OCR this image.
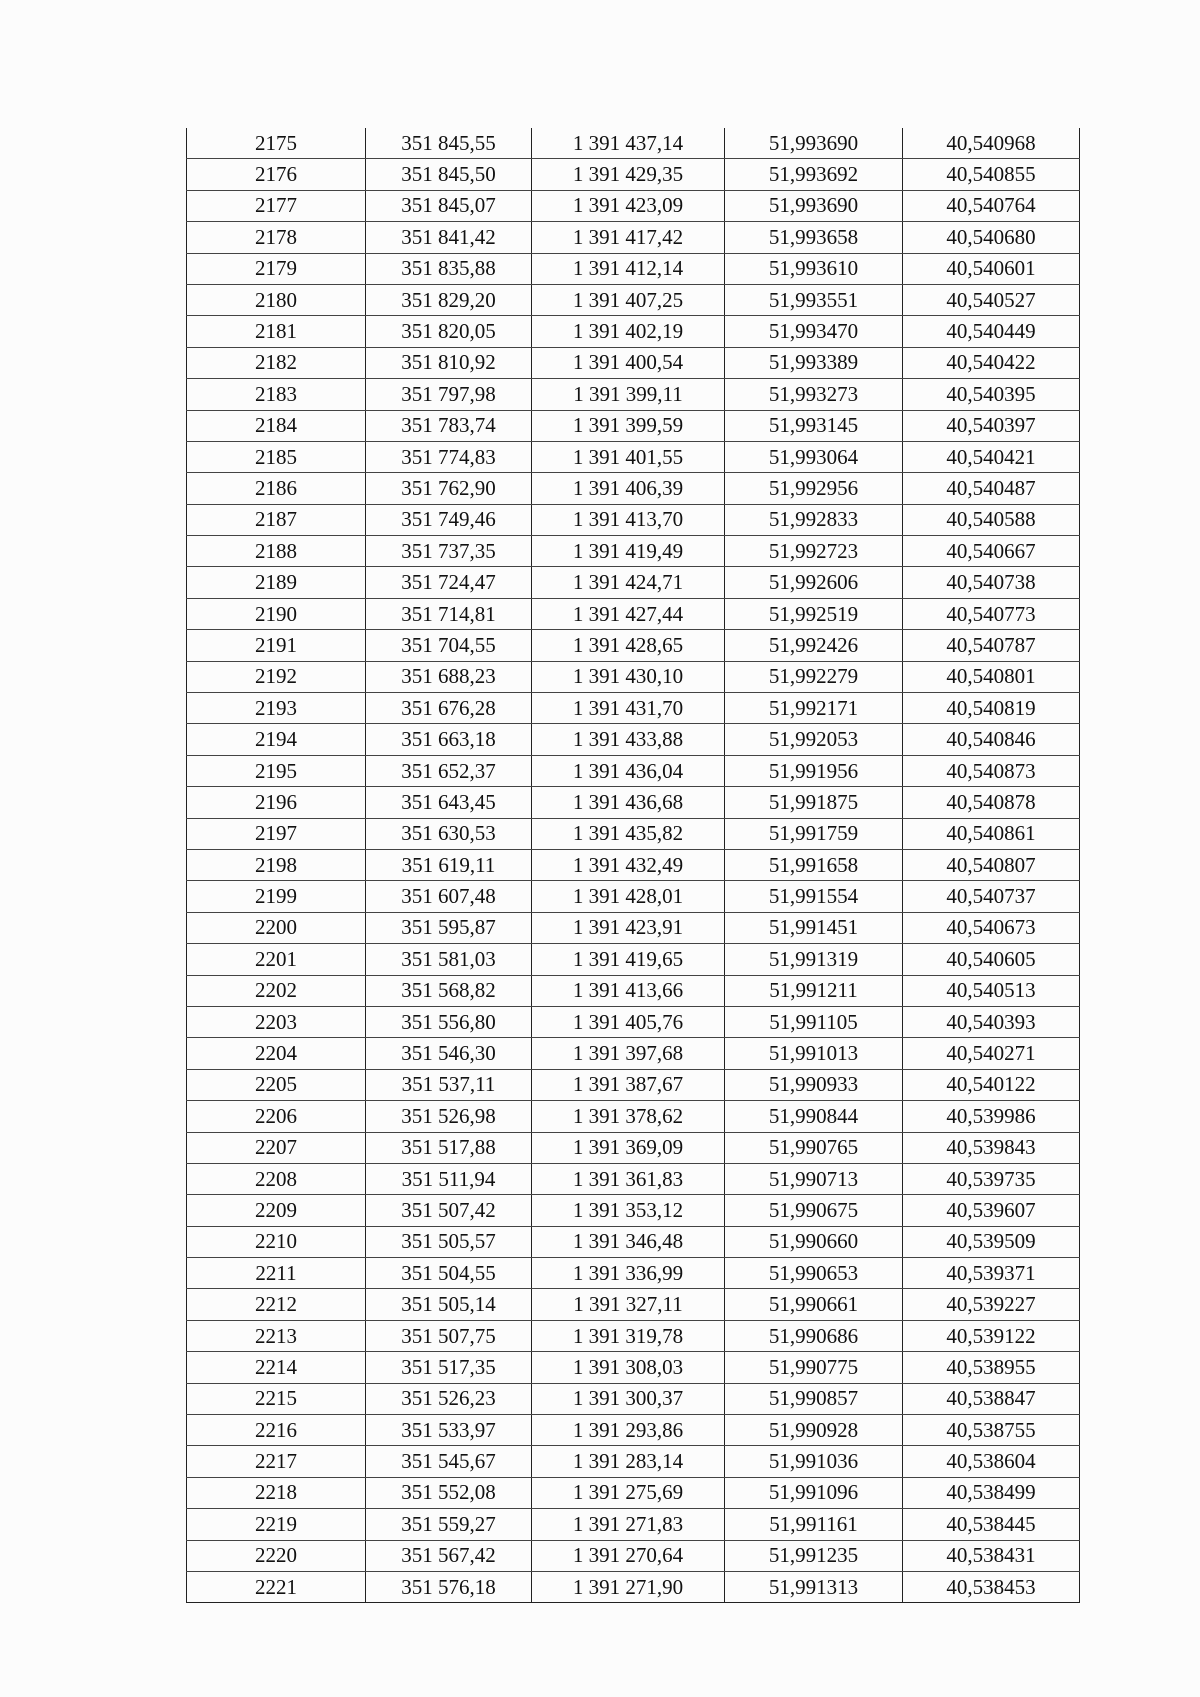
2175	351 845,55	1 391 437,14	51,993690	40,540968
2176	351 845,50	1 391 429,35	51,993692	40,540855
2177	351 845,07	1 391 423,09	51,993690	40,540764
2178	351 841,42	1 391 417,42	51,993658	40,540680
2179	351 835,88	1 391 412,14	51,993610	40,540601
2180	351 829,20	1 391 407,25	51,993551	40,540527
2181	351 820,05	1 391 402,19	51,993470	40,540449
2182	351 810,92	1 391 400,54	51,993389	40,540422
2183	351 797,98	1 391 399,11	51,993273	40,540395
2184	351 783,74	1 391 399,59	51,993145	40,540397
2185	351 774,83	1 391 401,55	51,993064	40,540421
2186	351 762,90	1 391 406,39	51,992956	40,540487
2187	351 749,46	1 391 413,70	51,992833	40,540588
2188	351 737,35	1 391 419,49	51,992723	40,540667
2189	351 724,47	1 391 424,71	51,992606	40,540738
2190	351 714,81	1 391 427,44	51,992519	40,540773
2191	351 704,55	1 391 428,65	51,992426	40,540787
2192	351 688,23	1 391 430,10	51,992279	40,540801
2193	351 676,28	1 391 431,70	51,992171	40,540819
2194	351 663,18	1 391 433,88	51,992053	40,540846
2195	351 652,37	1 391 436,04	51,991956	40,540873
2196	351 643,45	1 391 436,68	51,991875	40,540878
2197	351 630,53	1 391 435,82	51,991759	40,540861
2198	351 619,11	1 391 432,49	51,991658	40,540807
2199	351 607,48	1 391 428,01	51,991554	40,540737
2200	351 595,87	1 391 423,91	51,991451	40,540673
2201	351 581,03	1 391 419,65	51,991319	40,540605
2202	351 568,82	1 391 413,66	51,991211	40,540513
2203	351 556,80	1 391 405,76	51,991105	40,540393
2204	351 546,30	1 391 397,68	51,991013	40,540271
2205	351 537,11	1 391 387,67	51,990933	40,540122
2206	351 526,98	1 391 378,62	51,990844	40,539986
2207	351 517,88	1 391 369,09	51,990765	40,539843
2208	351 511,94	1 391 361,83	51,990713	40,539735
2209	351 507,42	1 391 353,12	51,990675	40,539607
2210	351 505,57	1 391 346,48	51,990660	40,539509
2211	351 504,55	1 391 336,99	51,990653	40,539371
2212	351 505,14	1 391 327,11	51,990661	40,539227
2213	351 507,75	1 391 319,78	51,990686	40,539122
2214	351 517,35	1 391 308,03	51,990775	40,538955
2215	351 526,23	1 391 300,37	51,990857	40,538847
2216	351 533,97	1 391 293,86	51,990928	40,538755
2217	351 545,67	1 391 283,14	51,991036	40,538604
2218	351 552,08	1 391 275,69	51,991096	40,538499
2219	351 559,27	1 391 271,83	51,991161	40,538445
2220	351 567,42	1 391 270,64	51,991235	40,538431
2221	351 576,18	1 391 271,90	51,991313	40,538453
